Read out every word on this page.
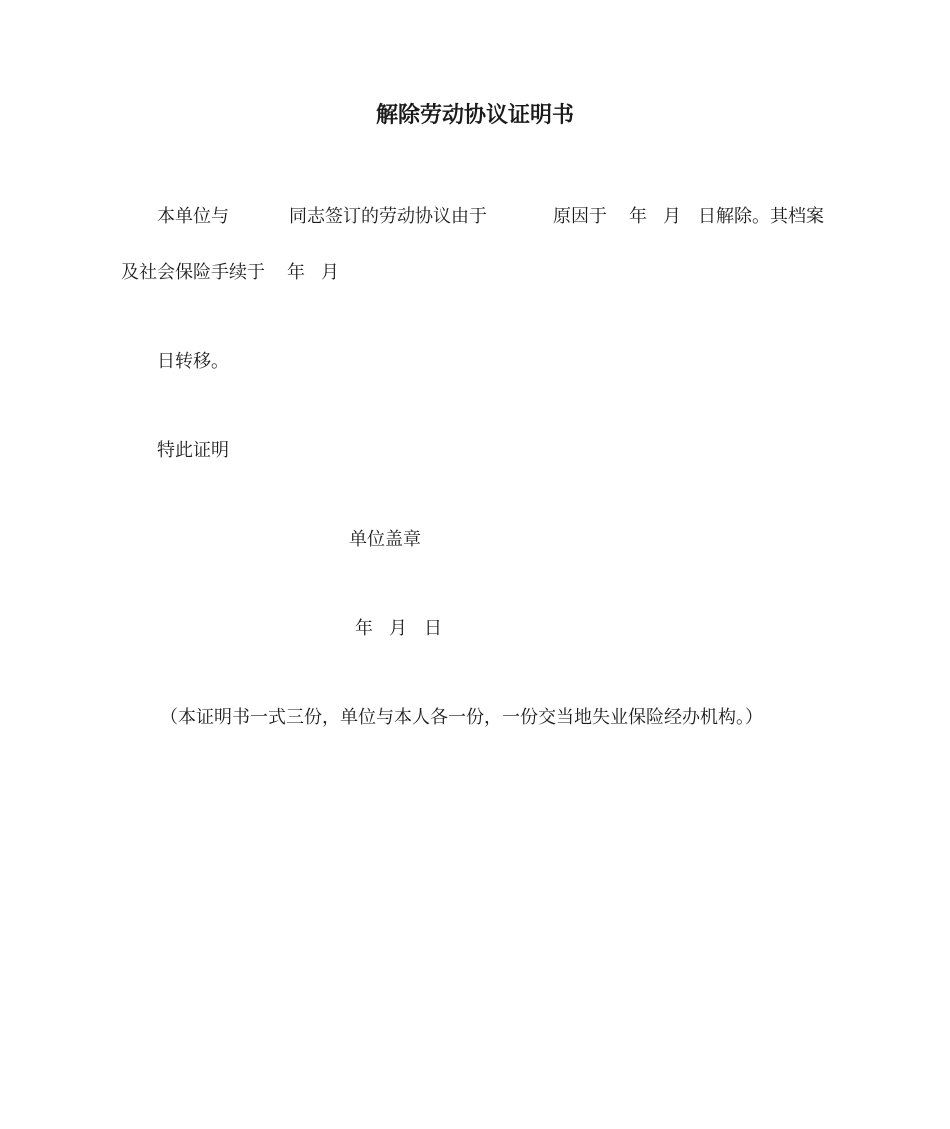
解除劳动协议证明书
本单位与	同志签订的劳动协议由于	原因于 年 月 日解除。其档案
及社会保险手续于 年 月
日转移。
特此证明
单位盖章
年 月 日
（本证明书一式三份，单位与本人各一份，一份交当地失业保险经办机构。）
